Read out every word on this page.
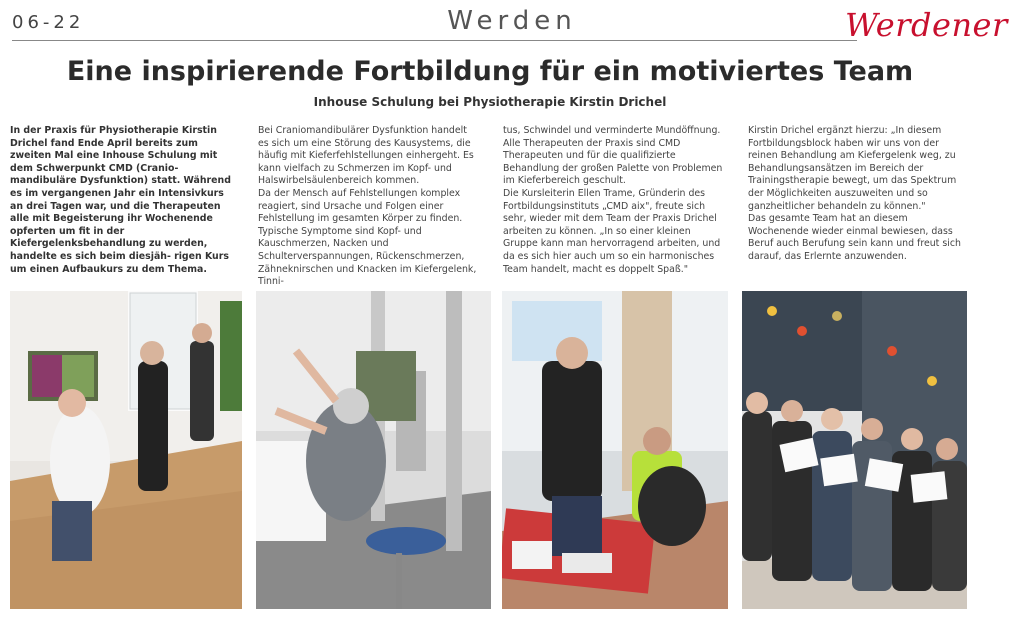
06-22	Werden	Werdener
Eine inspirierende Fortbildung für ein motiviertes Team
Inhouse Schulung bei Physiotherapie Kirstin Drichel

In der Praxis für Physiotherapie Kirstin Drichel fand Ende April bereits zum zweiten Mal eine Inhouse Schulung mit dem Schwerpunkt CMD (Cranio-mandibuläre Dysfunktion) statt. Während es im vergangenen Jahr ein Intensivkurs an drei Tagen war, und die Therapeuten alle mit Begeisterung ihr Wochenende opferten um fit in der Kiefergelenksbehandlung zu werden, handelte es sich beim diesjäh- rigen Kurs um einen Aufbaukurs zu dem Thema.

Bei Craniomandibulärer Dysfunktion handelt es sich um eine Störung des Kausystems, die häufig mit Kieferfehlstellungen einhergeht. Es kann vielfach zu Schmerzen im Kopf- und Halswirbelsäulenbereich kommen.

Da der Mensch auf Fehlstellungen komplex reagiert, sind Ursache und Folgen einer Fehlstellung im gesamten Körper zu finden. Typische Symptome sind Kopf- und Kauschmerzen, Nacken und Schulterverspannungen, Rückenschmerzen, Zähneknirschen und Knacken im Kiefergelenk, Tinni-

tus, Schwindel und verminderte Mundöffnung.

Alle Therapeuten der Praxis sind CMD Therapeuten und für die qualifizierte Behandlung der großen Palette von Problemen im Kieferbereich geschult.

Die Kursleiterin Ellen Trame, Gründerin des Fortbildungsinstituts „CMD aix", freute sich sehr, wieder mit dem Team der Praxis Drichel arbeiten zu können. „In so einer kleinen Gruppe kann man hervorragend arbeiten, und da es sich hier auch um so ein harmonisches Team handelt, macht es doppelt Spaß."

Kirstin Drichel ergänzt hierzu: „In diesem Fortbildungsblock haben wir uns von der reinen Behandlung am Kiefergelenk weg, zu Behandlungsansätzen im Bereich der Trainingstherapie bewegt, um das Spektrum der Möglichkeiten auszuweiten und so ganzheitlicher behandeln zu können."

Das gesamte Team hat an diesem Wochenende wieder einmal bewiesen, dass Beruf auch Berufung sein kann und freut sich darauf, das Erlernte anzuwenden.
